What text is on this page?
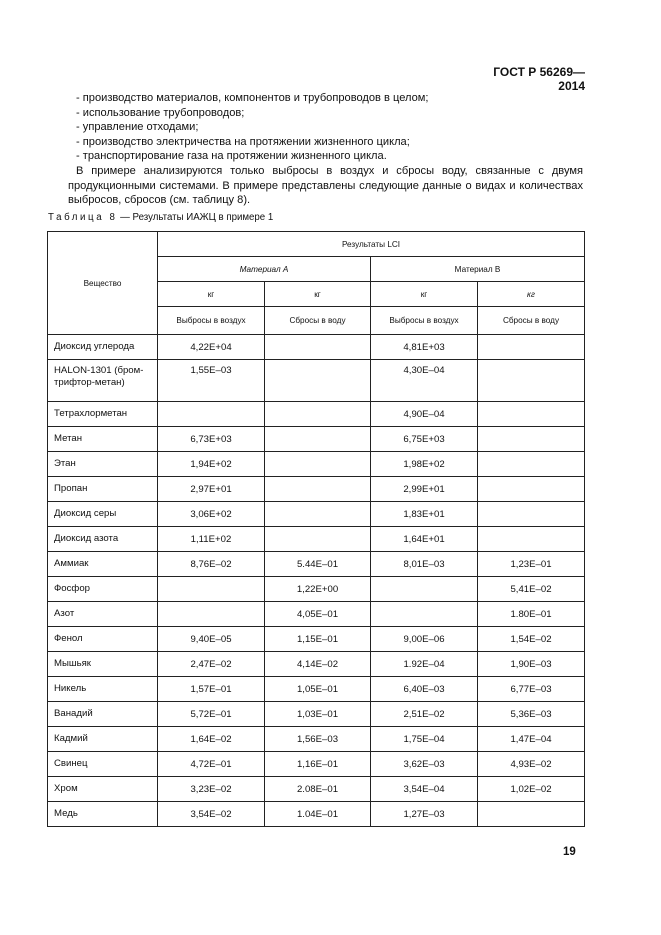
ГОСТ Р 56269—2014
- производство материалов, компонентов и трубопроводов в целом;
- использование трубопроводов;
- управление отходами;
- производство электричества на протяжении жизненного цикла;
- транспортирование газа на протяжении жизненного цикла.
В примере анализируются только выбросы в воздух и сбросы воду, связанные с двумя продукционными системами. В примере представлены следующие данные о видах и количествах выбросов, сбросов (см. таблицу 8).
Таблица 8 — Результаты ИАЖЦ в примере 1
Вещество	Результаты LCI			
	Материал А		Материал В	
	кг	кг	кг	кг
	Выбросы в воздух	Сбросы в воду	Выбросы в воздух	Сбросы в воду
Диоксид углерода	4,22E+04		4,81E+03	
HALON-1301 (бром-трифтор-метан)	1,55E–03		4,30E–04	
Тетрахлорметан			4,90E–04	
Метан	6,73E+03		6,75E+03	
Этан	1,94E+02		1,98E+02	
Пропан	2,97E+01		2,99E+01	
Диоксид серы	3,06E+02		1,83E+01	
Диоксид азота	1,11E+02		1,64E+01	
Аммиак	8,76E–02	5.44E–01	8,01E–03	1,23E–01
Фосфор		1,22E+00		5,41E–02
Азот		4,05E–01		1.80E–01
Фенол	9,40E–05	1,15E–01	9,00E–06	1,54E–02
Мышьяк	2,47E–02	4,14E–02	1.92E–04	1,90E–03
Никель	1,57E–01	1,05E–01	6,40E–03	6,77E–03
Ванадий	5,72E–01	1,03E–01	2,51E–02	5,36E–03
Кадмий	1,64E–02	1,56E–03	1,75E–04	1,47E–04
Свинец	4,72E–01	1,16E–01	3,62E–03	4,93E–02
Хром	3,23E–02	2.08E–01	3,54E–04	1,02E–02
Медь	3,54E–02	1.04E–01	1,27E–03	
19
